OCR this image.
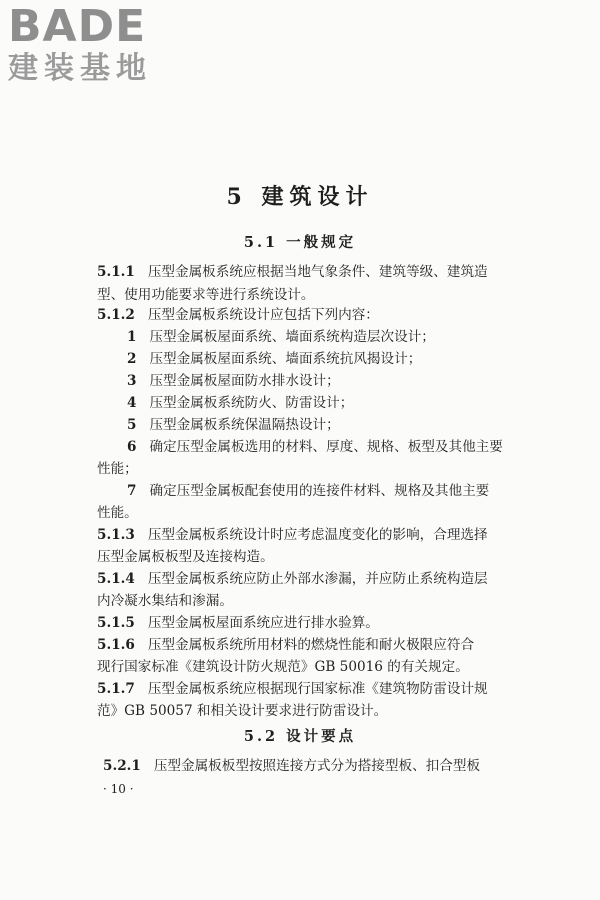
BADE
建装基地
5 建筑设计
5.1 一般规定
5.2 设计要点
5.1.1 压型金属板系统应根据当地气象条件、建筑等级、建筑造
型、使用功能要求等进行系统设计。
5.1.2 压型金属板系统设计应包括下列内容：
1 压型金属板屋面系统、墙面系统构造层次设计；
2 压型金属板屋面系统、墙面系统抗风揭设计；
3 压型金属板屋面防水排水设计；
4 压型金属板系统防火、防雷设计；
5 压型金属板系统保温隔热设计；
6 确定压型金属板选用的材料、厚度、规格、板型及其他主要
性能；
7 确定压型金属板配套使用的连接件材料、规格及其他主要
性能。
5.1.3 压型金属板系统设计时应考虑温度变化的影响，合理选择
压型金属板板型及连接构造。
5.1.4 压型金属板系统应防止外部水渗漏，并应防止系统构造层
内冷凝水集结和渗漏。
5.1.5 压型金属板屋面系统应进行排水验算。
5.1.6 压型金属板系统所用材料的燃烧性能和耐火极限应符合
现行国家标准《建筑设计防火规范》GB 50016 的有关规定。
5.1.7 压型金属板系统应根据现行国家标准《建筑物防雷设计规
范》GB 50057 和相关设计要求进行防雷设计。
5.2.1 压型金属板板型按照连接方式分为搭接型板、扣合型板
· 10 ·
